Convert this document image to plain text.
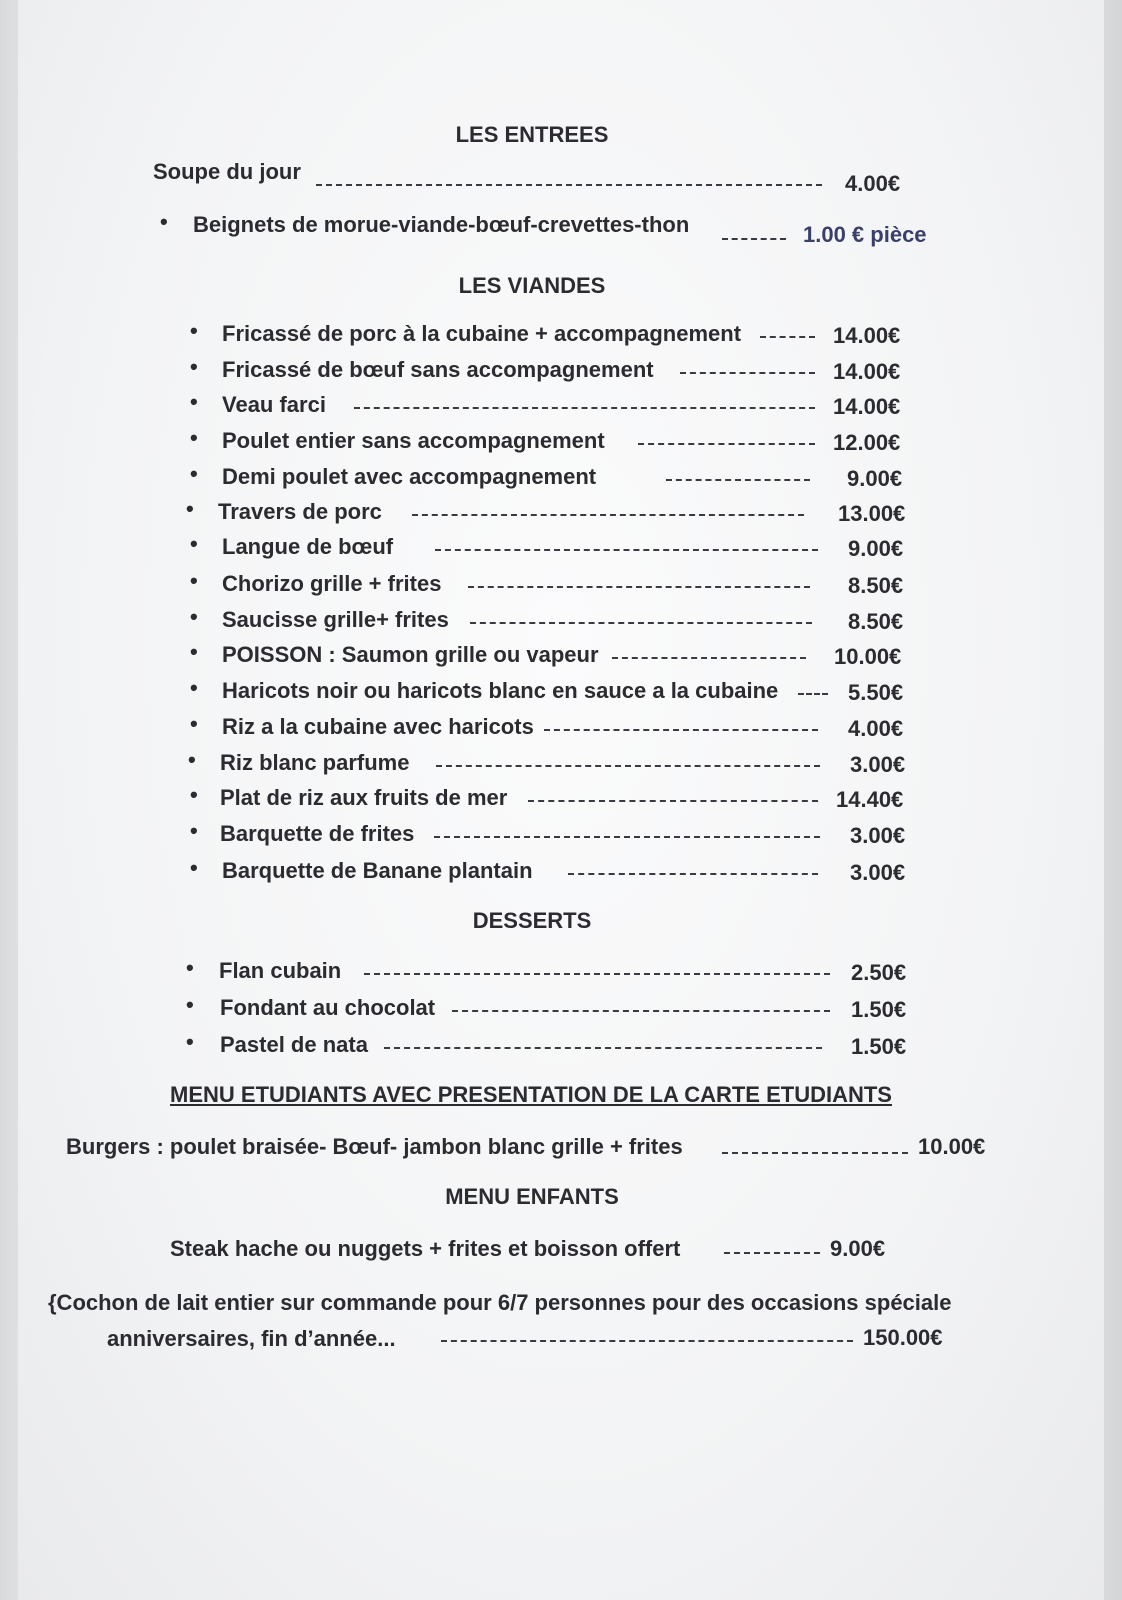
LES ENTREES
Soupe du jour	4.00€
• Beignets de morue-viande-bœuf-crevettes-thon	1.00 € pièce
LES VIANDES
• Fricassé de porc à la cubaine + accompagnement	14.00€
• Fricassé de bœuf sans accompagnement	14.00€
• Veau farci	14.00€
• Poulet entier sans accompagnement	12.00€
• Demi poulet avec accompagnement	9.00€
• Travers de porc	13.00€
• Langue de bœuf	9.00€
• Chorizo grille + frites	8.50€
• Saucisse grille+ frites	8.50€
• POISSON : Saumon grille ou vapeur	10.00€
• Haricots noir ou haricots blanc en sauce a la cubaine	5.50€
• Riz a la cubaine avec haricots	4.00€
• Riz blanc parfume	3.00€
• Plat de riz aux fruits de mer	14.40€
• Barquette de frites	3.00€
• Barquette de Banane plantain	3.00€
DESSERTS
• Flan cubain	2.50€
• Fondant au chocolat	1.50€
• Pastel de nata	1.50€
MENU ETUDIANTS AVEC PRESENTATION DE LA CARTE ETUDIANTS
Burgers : poulet braisée- Bœuf- jambon blanc grille + frites	10.00€
MENU ENFANTS
Steak hache ou nuggets + frites et boisson offert	9.00€
{Cochon de lait entier sur commande pour 6/7 personnes pour des occasions spéciale
anniversaires, fin d’année...	150.00€
